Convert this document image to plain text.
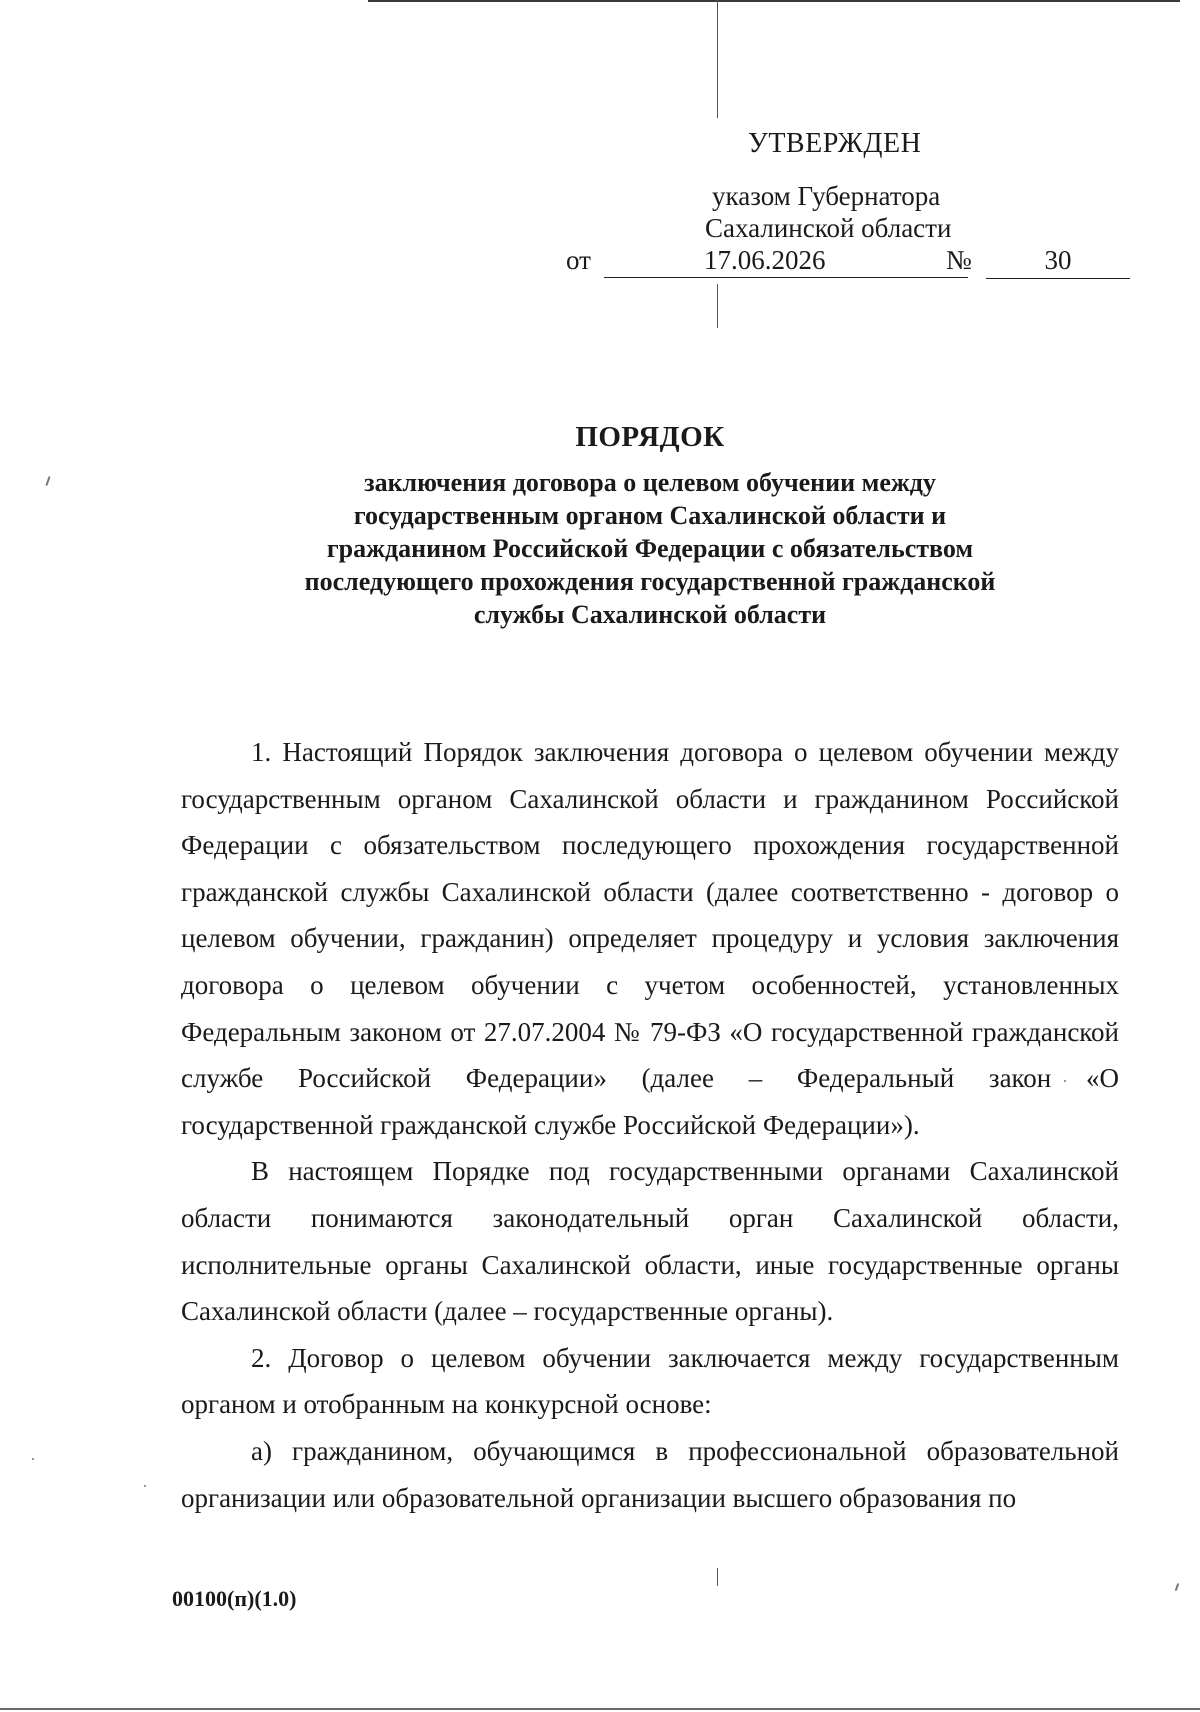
УТВЕРЖДЕН
указом Губернатора
Сахалинской области
от	17.06.2026	№	30
ПОРЯДОК
заключения договора о целевом обучении между государственным органом Сахалинской области и гражданином Российской Федерации с обязательством последующего прохождения государственной гражданской службы Сахалинской области

1. Настоящий Порядок заключения договора о целевом обучении между государственным органом Сахалинской области и гражданином Российской Федерации с обязательством последующего прохождения государственной гражданской службы Сахалинской области (далее соответственно - договор о целевом обучении, гражданин) определяет процедуру и условия заключения договора о целевом обучении с учетом особенностей, установленных Федеральным законом от 27.07.2004 № 79-ФЗ «О государственной гражданской службе Российской Федерации» (далее – Федеральный закон «О государственной гражданской службе Российской Федерации»).

В настоящем Порядке под государственными органами Сахалинской области понимаются законодательный орган Сахалинской области, исполнительные органы Сахалинской области, иные государственные органы Сахалинской области (далее – государственные органы).

2. Договор о целевом обучении заключается между государственным органом и отобранным на конкурсной основе:

а) гражданином, обучающимся в профессиональной образовательной организации или образовательной организации высшего образования по

00100(п)(1.0)
